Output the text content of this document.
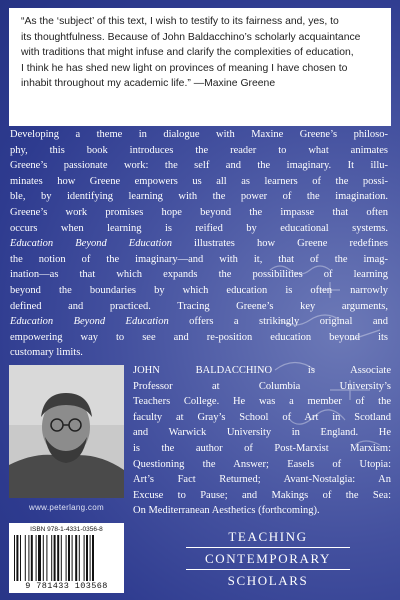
“As the ‘subject’ of this text, I wish to testify to its fairness and, yes, to
its thoughtfulness. Because of John Baldacchino’s scholarly acquaintance
with traditions that might infuse and clarify the complexities of education,
I think he has shed new light on provinces of meaning I have chosen to
inhabit throughout my academic life.” —Maxine Greene
Developing a theme in dialogue with Maxine Greene’s philoso-
phy, this book introduces the reader to what animates
Greene’s passionate work: the self and the imaginary. It illu-
minates how Greene empowers us all as learners of the possi-
ble, by identifying learning with the power of the imagination.
Greene’s work promises hope beyond the impasse that often
occurs when learning is reified by educational systems.
Education Beyond Education illustrates how Greene redefines
the notion of the imaginary—and with it, that of the imag-
ination—as that which expands the possibilities of learning
beyond the boundaries by which education is often narrowly
defined and practiced. Tracing Greene’s key arguments,
Education Beyond Education offers a strikingly original and
empowering way to see and re-position education beyond its
customary limits.
www.peterlang.com
JOHN BALDACCHINO is Associate
Professor at Columbia University’s
Teachers College. He was a member of the
faculty at Gray’s School of Art in Scotland
and Warwick University in England. He
is the author of Post-Marxist Marxism:
Questioning the Answer; Easels of Utopia:
Art’s Fact Returned; Avant-Nostalgia: An
Excuse to Pause; and Makings of the Sea:
On Mediterranean Aesthetics (forthcoming).
ISBN 978-1-4331-0356-8
9 781433 103568
TEACHING
CONTEMPORARY
SCHOLARS
